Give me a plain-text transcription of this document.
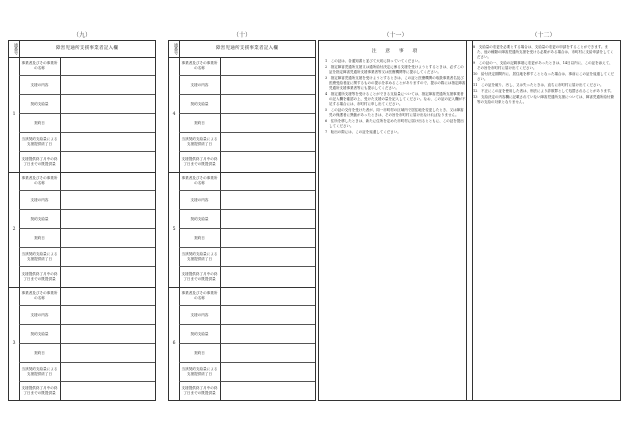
（九）
通番号	障害児通所支援事業者記入欄
1
事業者及びその事業所の名称
支援の内容
契約支給量
契約日
当該契約支給量による支援提供終了日
支援提供終了月中の終了日までの既提供量
2
事業者及びその事業所の名称
支援の内容
契約支給量
契約日
当該契約支給量による支援提供終了日
支援提供終了月中の終了日までの既提供量
3
事業者及びその事業所の名称
支援の内容
契約支給量
契約日
当該契約支給量による支援提供終了日
支援提供終了月中の終了日までの既提供量
（十）
通番号	障害児通所支援事業者記入欄
4
事業者及びその事業所の名称
支援の内容
契約支給量
契約日
当該契約支給量による支援提供終了日
支援提供終了月中の終了日までの既提供量
5
事業者及びその事業所の名称
支援の内容
契約支給量
契約日
当該契約支給量による支援提供終了日
支援提供終了月中の終了日までの既提供量
6
事業者及びその事業所の名称
支援の内容
契約支給量
契約日
当該契約支給量による支援提供終了日
支援提供終了月中の終了日までの既提供量
（十一）
注　意　事　項

1　この証は、各通知書と並びて大切に持っていてください。

2　指定障害児通所支援又は通所給付決定に係る支援を受けようとするときは、必ずこの証を指定障害児通所支援事業者等又は医療機関等に提示してください。

3　指定障害児通所支援を受けようとするときは、この証と医療機関の取扱事業者名及び医療受給者証に関するものの提示を求めることがありますので、提示の際には指定障害児通所支援事業者等にも提示してください。

4　指定通所支援等を受けることができる支給量については、指定障害児通所支援事業者の記入欄を確認の上、受けた支援の量を記入してください。なお、この証の記入欄が不足する場合には、市町村に申し出てください。

5　この証の交付を受けた者が、同一市町村の区域内で居住地を変更したとき、又は障害児の保護者に異動があったときは、その旨を市町村に届け出なければなりません。

6　住所を移したときは、新たに住所を定めた市町村に届け出るとともに、この証を提出してください。

7　転出の際には、この証を返還してください。

（十二）

8　支給量の変更を必要とする場合は、支給量の変更の申請をすることができます。また、他の種類の障害児通所支援を受ける必要がある場合は、市町村に支給申請をしてください。

9　この証の一、支給の記載事項に変更があったときは、14日以内に、この証を添えて、その旨を市町村に届け出てください。

10　給付決定期間内に、居住地を移すこととなった場合は、事前にこの証を返還してください。

11　この証を破り、汚し、又は失ったときは、直ちに市町村に届け出てください。

12　不正にこの証を使用した者は、刑法により詐欺罪として処罰されることがあります。

13　支給決定の内容欄に記載されていない障害児通所支援については、障害児通所給付費等の支給の対象となりません。
